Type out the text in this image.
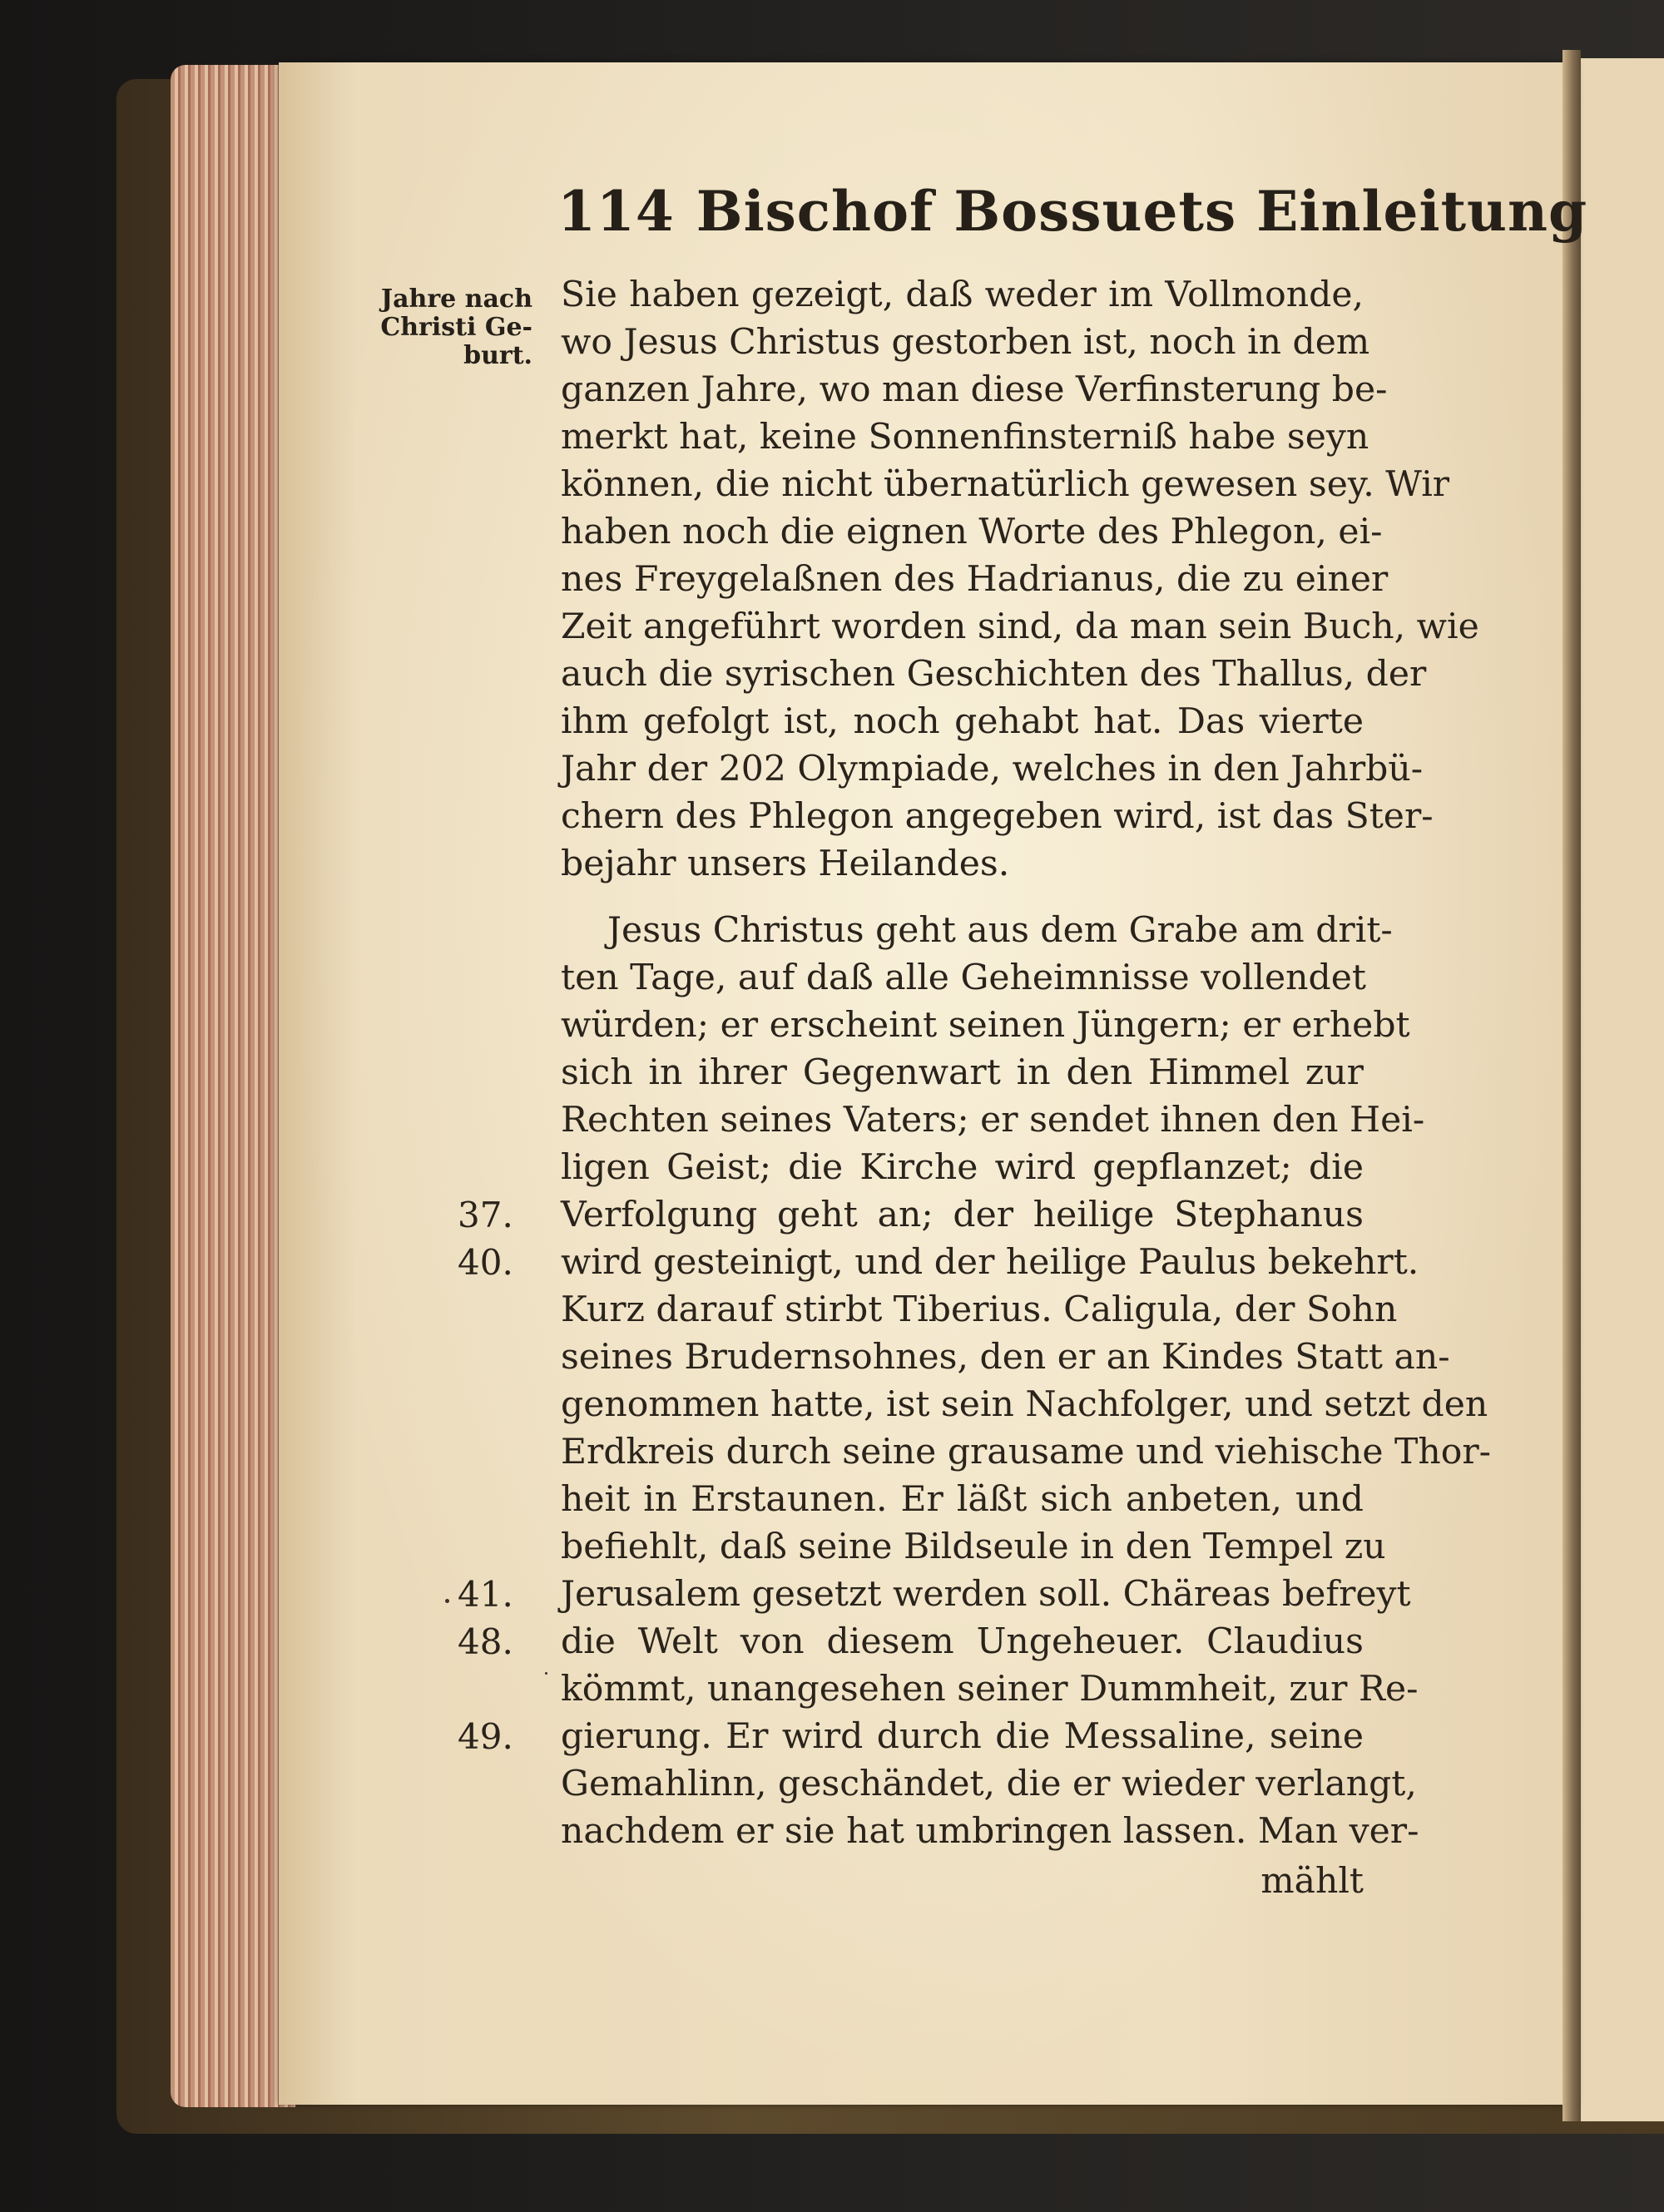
114 Bischof Bossuets Einleitung
Jahre nach
Christi Ge-
burt.
Sie haben gezeigt, daß weder im Vollmonde,
wo Jesus Christus gestorben ist, noch in dem
ganzen Jahre, wo man diese Verfinsterung be-
merkt hat, keine Sonnenfinsterniß habe seyn
können, die nicht übernatürlich gewesen sey. Wir
haben noch die eignen Worte des Phlegon, ei-
nes Freygelaßnen des Hadrianus, die zu einer
Zeit angeführt worden sind, da man sein Buch, wie
auch die syrischen Geschichten des Thallus, der
ihm gefolgt ist, noch gehabt hat. Das vierte
Jahr der 202 Olympiade, welches in den Jahrbü-
chern des Phlegon angegeben wird, ist das Ster-
bejahr unsers Heilandes.
Jesus Christus geht aus dem Grabe am drit-
ten Tage, auf daß alle Geheimnisse vollendet
würden; er erscheint seinen Jüngern; er erhebt
sich in ihrer Gegenwart in den Himmel zur
Rechten seines Vaters; er sendet ihnen den Hei-
ligen Geist; die Kirche wird gepflanzet; die
Verfolgung geht an; der heilige Stephanus
wird gesteinigt, und der heilige Paulus bekehrt.
Kurz darauf stirbt Tiberius. Caligula, der Sohn
seines Brudernsohnes, den er an Kindes Statt an-
genommen hatte, ist sein Nachfolger, und setzt den
Erdkreis durch seine grausame und viehische Thor-
heit in Erstaunen. Er läßt sich anbeten, und
befiehlt, daß seine Bildseule in den Tempel zu
Jerusalem gesetzt werden soll. Chäreas befreyt
die Welt von diesem Ungeheuer. Claudius
kömmt, unangesehen seiner Dummheit, zur Re-
gierung. Er wird durch die Messaline, seine
Gemahlinn, geschändet, die er wieder verlangt,
nachdem er sie hat umbringen lassen. Man ver-
mählt
37.
40.
41.
48.
49.
